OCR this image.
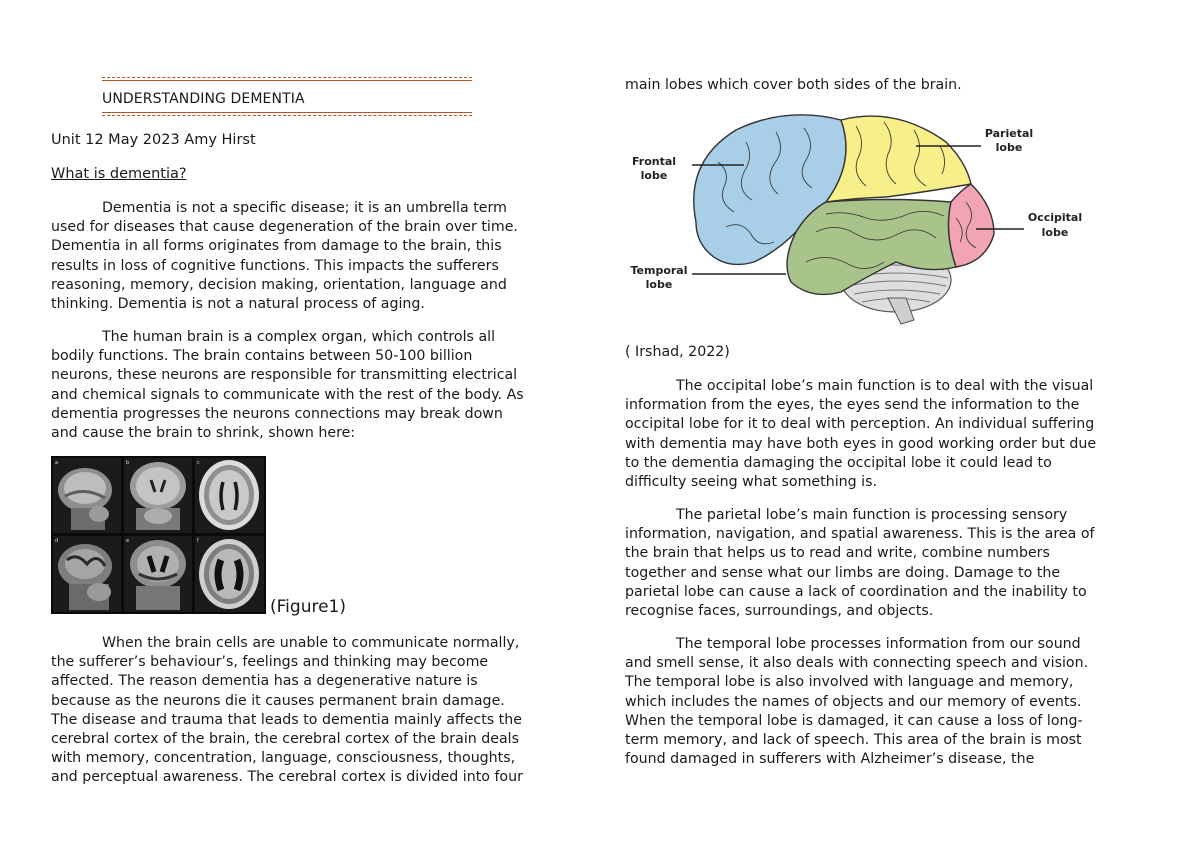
UNDERSTANDING DEMENTIA
Unit 12 May 2023 Amy Hirst
What is dementia?
Dementia is not a specific disease; it is an umbrella term
used for diseases that cause degeneration of the brain over time.
Dementia in all forms originates from damage to the brain, this
results in loss of cognitive functions. This impacts the sufferers
reasoning, memory, decision making, orientation, language and
thinking. Dementia is not a natural process of aging.
The human brain is a complex organ, which controls all
bodily functions. The brain contains between 50-100 billion
neurons, these neurons are responsible for transmitting electrical
and chemical signals to communicate with the rest of the body. As
dementia progresses the neurons connections may break down
and cause the brain to shrink, shown here:
When the brain cells are unable to communicate normally,
the sufferer’s behaviour’s, feelings and thinking may become
affected. The reason dementia has a degenerative nature is
because as the neurons die it causes permanent brain damage.
The disease and trauma that leads to dementia mainly affects the
cerebral cortex of the brain, the cerebral cortex of the brain deals
with memory, concentration, language, consciousness, thoughts,
and perceptual awareness. The cerebral cortex is divided into four
a	b	c
d	e	f
(Figure1)
main lobes which cover both sides of the brain.
The occipital lobe’s main function is to deal with the visual
information from the eyes, the eyes send the information to the
occipital lobe for it to deal with perception. An individual suffering
with dementia may have both eyes in good working order but due
to the dementia damaging the occipital lobe it could lead to
difficulty seeing what something is.
The parietal lobe’s main function is processing sensory
information, navigation, and spatial awareness. This is the area of
the brain that helps us to read and write, combine numbers
together and sense what our limbs are doing. Damage to the
parietal lobe can cause a lack of coordination and the inability to
recognise faces, surroundings, and objects.
The temporal lobe processes information from our sound
and smell sense, it also deals with connecting speech and vision.
The temporal lobe is also involved with language and memory,
which includes the names of objects and our memory of events.
When the temporal lobe is damaged, it can cause a loss of long-
term memory, and lack of speech. This area of the brain is most
found damaged in sufferers with Alzheimer’s disease, the
Frontal
lobe
Parietal
lobe
Occipital
lobe
Temporal
lobe
( Irshad, 2022)
